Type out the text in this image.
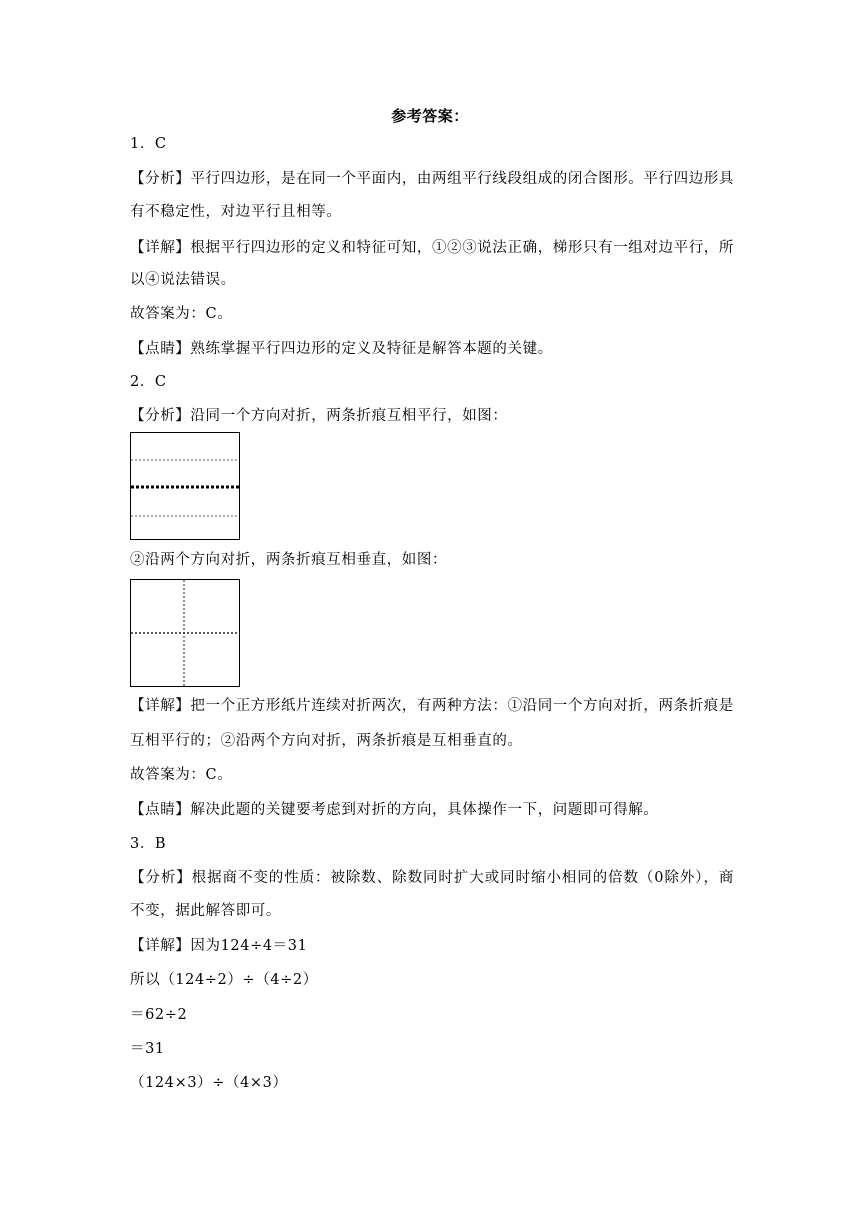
参考答案：
1．C
【分析】平行四边形，是在同一个平面内，由两组平行线段组成的闭合图形。平行四边形具
有不稳定性，对边平行且相等。
【详解】根据平行四边形的定义和特征可知，①②③说法正确，梯形只有一组对边平行，所
以④说法错误。
故答案为：C。
【点睛】熟练掌握平行四边形的定义及特征是解答本题的关键。
2．C
【分析】沿同一个方向对折，两条折痕互相平行，如图：
②沿两个方向对折，两条折痕互相垂直，如图：
【详解】把一个正方形纸片连续对折两次，有两种方法：①沿同一个方向对折，两条折痕是
互相平行的；②沿两个方向对折，两条折痕是互相垂直的。
故答案为：C。
【点睛】解决此题的关键要考虑到对折的方向，具体操作一下，问题即可得解。
3．B
【分析】根据商不变的性质：被除数、除数同时扩大或同时缩小相同的倍数（0除外），商
不变，据此解答即可。
【详解】因为124÷4＝31
所以（124÷2）÷（4÷2）
＝62÷2
＝31
（124×3）÷（4×3）
